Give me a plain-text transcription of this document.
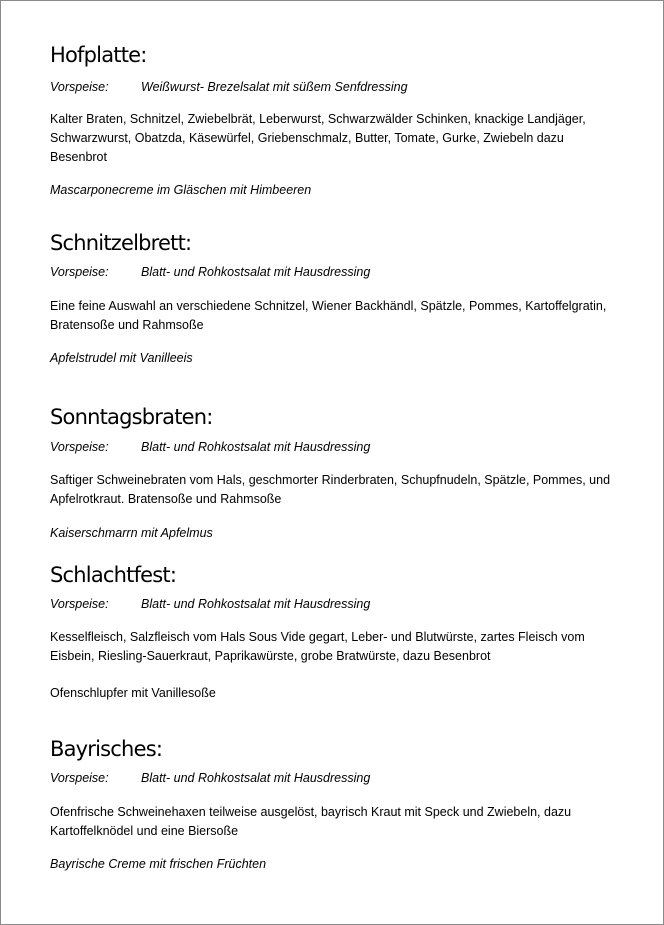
Hofplatte:

Vorspeise:	Weißwurst- Brezelsalat mit süßem Senfdressing

Kalter Braten, Schnitzel, Zwiebelbrät, Leberwurst, Schwarzwälder Schinken, knackige Landjäger,

Schwarzwurst, Obatzda, Käsewürfel, Griebenschmalz, Butter, Tomate, Gurke, Zwiebeln dazu

Besenbrot

Mascarponecreme im Gläschen mit Himbeeren

Schnitzelbrett:

Vorspeise:	Blatt- und Rohkostsalat mit Hausdressing

Eine feine Auswahl an verschiedene Schnitzel, Wiener Backhändl, Spätzle, Pommes, Kartoffelgratin,

Bratensoße und Rahmsoße

Apfelstrudel mit Vanilleeis

Sonntagsbraten:

Vorspeise:	Blatt- und Rohkostsalat mit Hausdressing

Saftiger Schweinebraten vom Hals, geschmorter Rinderbraten, Schupfnudeln, Spätzle, Pommes, und

Apfelrotkraut. Bratensoße und Rahmsoße

Kaiserschmarrn mit Apfelmus

Schlachtfest:

Vorspeise:	Blatt- und Rohkostsalat mit Hausdressing

Kesselfleisch, Salzfleisch vom Hals Sous Vide gegart, Leber- und Blutwürste, zartes Fleisch vom

Eisbein, Riesling-Sauerkraut, Paprikawürste, grobe Bratwürste, dazu Besenbrot

Ofenschlupfer mit Vanillesoße

Bayrisches:

Vorspeise:	Blatt- und Rohkostsalat mit Hausdressing

Ofenfrische Schweinehaxen teilweise ausgelöst, bayrisch Kraut mit Speck und Zwiebeln, dazu

Kartoffelknödel und eine Biersoße

Bayrische Creme mit frischen Früchten
